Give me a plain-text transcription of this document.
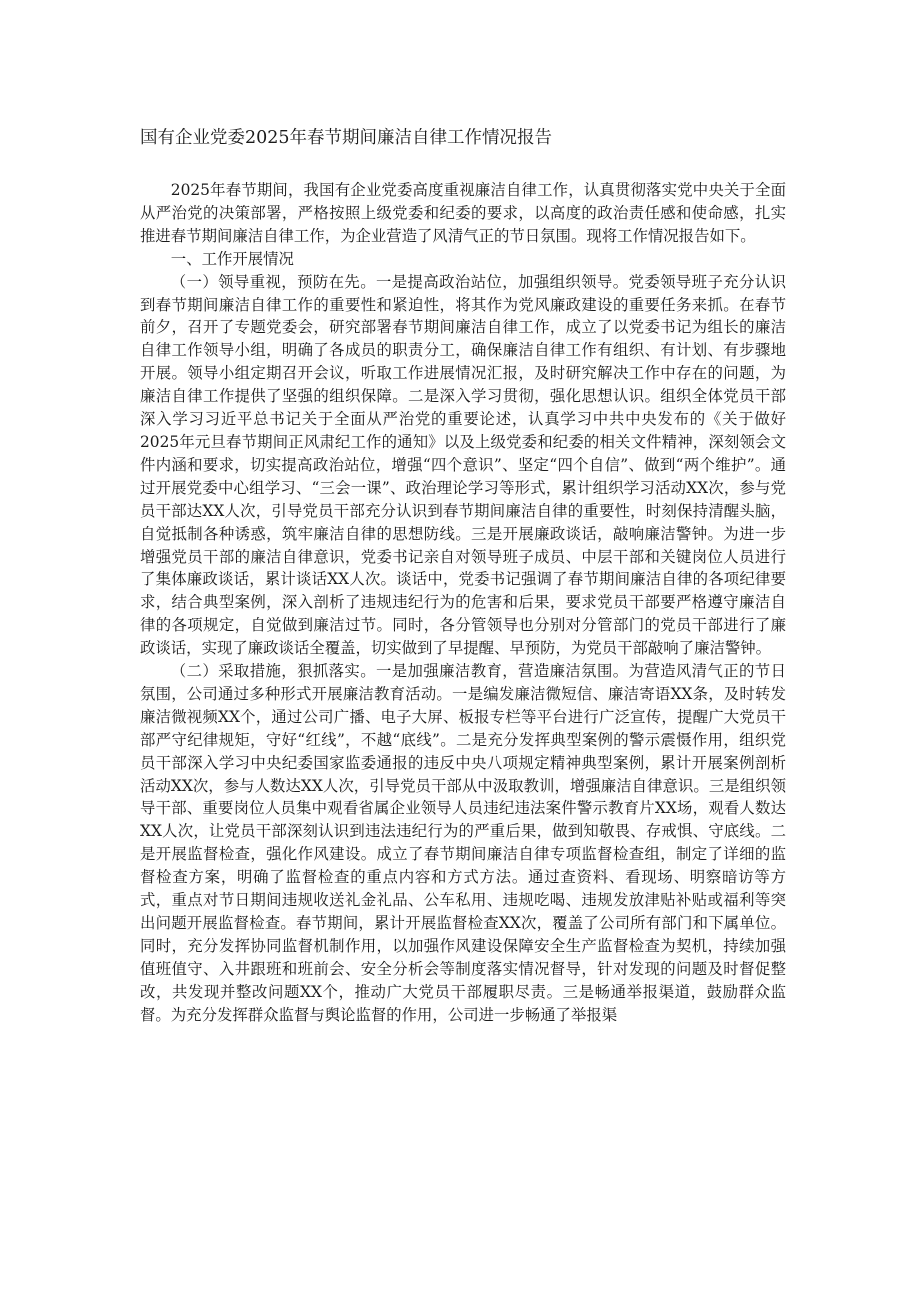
国有企业党委2025年春节期间廉洁自律工作情况报告

2025年春节期间，我国有企业党委高度重视廉洁自律工作，认真贯彻落实党中央关于全面从严治党的决策部署，严格按照上级党委和纪委的要求，以高度的政治责任感和使命感，扎实推进春节期间廉洁自律工作，为企业营造了风清气正的节日氛围。现将工作情况报告如下。

一、工作开展情况

（一）领导重视，预防在先。一是提高政治站位，加强组织领导。党委领导班子充分认识到春节期间廉洁自律工作的重要性和紧迫性，将其作为党风廉政建设的重要任务来抓。在春节前夕，召开了专题党委会，研究部署春节期间廉洁自律工作，成立了以党委书记为组长的廉洁自律工作领导小组，明确了各成员的职责分工，确保廉洁自律工作有组织、有计划、有步骤地开展。领导小组定期召开会议，听取工作进展情况汇报，及时研究解决工作中存在的问题，为廉洁自律工作提供了坚强的组织保障。二是深入学习贯彻，强化思想认识。组织全体党员干部深入学习习近平总书记关于全面从严治党的重要论述，认真学习中共中央发布的《关于做好2025年元旦春节期间正风肃纪工作的通知》以及上级党委和纪委的相关文件精神，深刻领会文件内涵和要求，切实提高政治站位，增强“四个意识”、坚定“四个自信”、做到“两个维护”。通过开展党委中心组学习、“三会一课”、政治理论学习等形式，累计组织学习活动XX次，参与党员干部达XX人次，引导党员干部充分认识到春节期间廉洁自律的重要性，时刻保持清醒头脑，自觉抵制各种诱惑，筑牢廉洁自律的思想防线。三是开展廉政谈话，敲响廉洁警钟。为进一步增强党员干部的廉洁自律意识，党委书记亲自对领导班子成员、中层干部和关键岗位人员进行了集体廉政谈话，累计谈话XX人次。谈话中，党委书记强调了春节期间廉洁自律的各项纪律要求，结合典型案例，深入剖析了违规违纪行为的危害和后果，要求党员干部要严格遵守廉洁自律的各项规定，自觉做到廉洁过节。同时，各分管领导也分别对分管部门的党员干部进行了廉政谈话，实现了廉政谈话全覆盖，切实做到了早提醒、早预防，为党员干部敲响了廉洁警钟。

（二）采取措施，狠抓落实。一是加强廉洁教育，营造廉洁氛围。为营造风清气正的节日氛围，公司通过多种形式开展廉洁教育活动。一是编发廉洁微短信、廉洁寄语XX条，及时转发廉洁微视频XX个，通过公司广播、电子大屏、板报专栏等平台进行广泛宣传，提醒广大党员干部严守纪律规矩，守好“红线”，不越“底线”。二是充分发挥典型案例的警示震慑作用，组织党员干部深入学习中央纪委国家监委通报的违反中央八项规定精神典型案例，累计开展案例剖析活动XX次，参与人数达XX人次，引导党员干部从中汲取教训，增强廉洁自律意识。三是组织领导干部、重要岗位人员集中观看省属企业领导人员违纪违法案件警示教育片XX场，观看人数达XX人次，让党员干部深刻认识到违法违纪行为的严重后果，做到知敬畏、存戒惧、守底线。二是开展监督检查，强化作风建设。成立了春节期间廉洁自律专项监督检查组，制定了详细的监督检查方案，明确了监督检查的重点内容和方式方法。通过查资料、看现场、明察暗访等方式，重点对节日期间违规收送礼金礼品、公车私用、违规吃喝、违规发放津贴补贴或福利等突出问题开展监督检查。春节期间，累计开展监督检查XX次，覆盖了公司所有部门和下属单位。同时，充分发挥协同监督机制作用，以加强作风建设保障安全生产监督检查为契机，持续加强值班值守、入井跟班和班前会、安全分析会等制度落实情况督导，针对发现的问题及时督促整改，共发现并整改问题XX个，推动广大党员干部履职尽责。三是畅通举报渠道，鼓励群众监督。为充分发挥群众监督与舆论监督的作用，公司进一步畅通了举报渠
